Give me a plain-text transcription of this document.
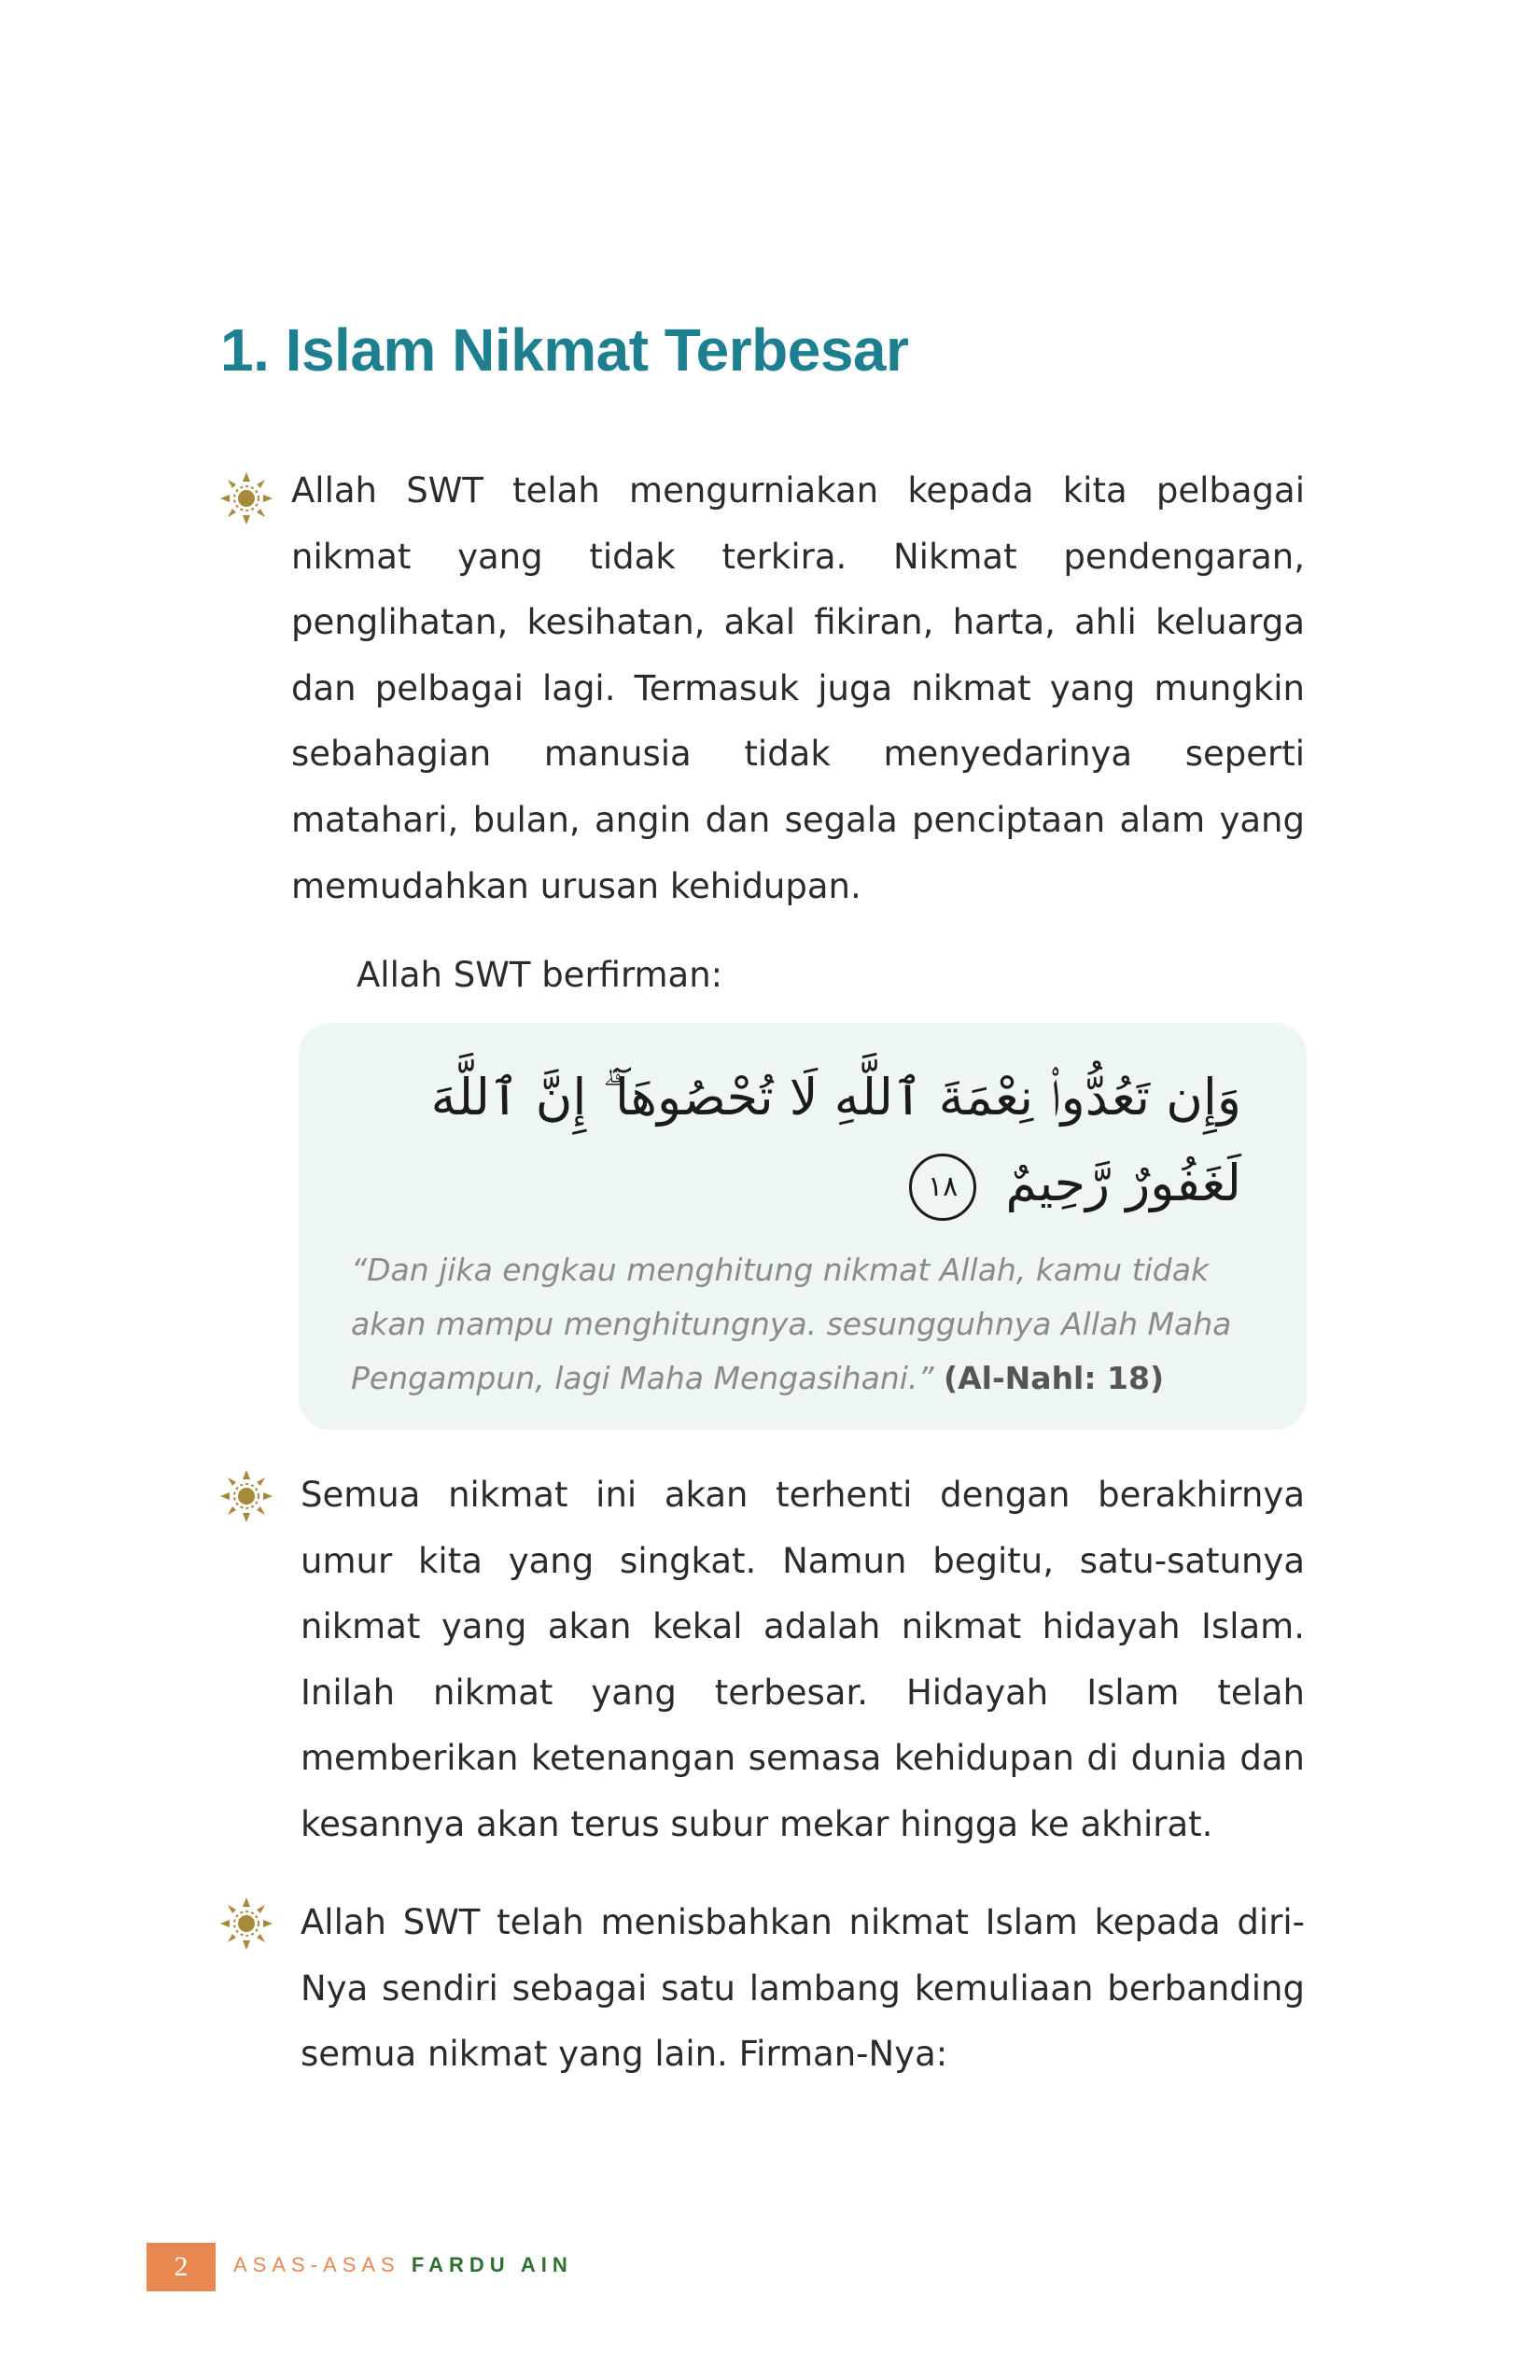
1. Islam Nikmat Terbesar

Allah SWT telah mengurniakan kepada kita pelbagai nikmat yang tidak terkira. Nikmat pendengaran, penglihatan, kesihatan, akal fikiran, harta, ahli keluarga dan pelbagai lagi. Termasuk juga nikmat yang mungkin sebahagian manusia tidak menyedarinya seperti matahari, bulan, angin dan segala penciptaan alam yang memudahkan urusan kehidupan.

Allah SWT berfirman:

وَإِن تَعُدُّوا۟ نِعْمَةَ ٱللَّهِ لَا تُحْصُوهَآ ۗ إِنَّ ٱللَّهَ لَغَفُورٌ رَّحِيمٌ ١٨

“Dan jika engkau menghitung nikmat Allah, kamu tidak akan mampu menghitungnya. sesungguhnya Allah Maha Pengampun, lagi Maha Mengasihani.” (Al-Nahl: 18)

Semua nikmat ini akan terhenti dengan berakhirnya umur kita yang singkat. Namun begitu, satu-satunya nikmat yang akan kekal adalah nikmat hidayah Islam. Inilah nikmat yang terbesar. Hidayah Islam telah memberikan ketenangan semasa kehidupan di dunia dan kesannya akan terus subur mekar hingga ke akhirat.

Allah SWT telah menisbahkan nikmat Islam kepada diri-Nya sendiri sebagai satu lambang kemuliaan berbanding semua nikmat yang lain. Firman-Nya:

2	ASAS-ASAS FARDU AIN
